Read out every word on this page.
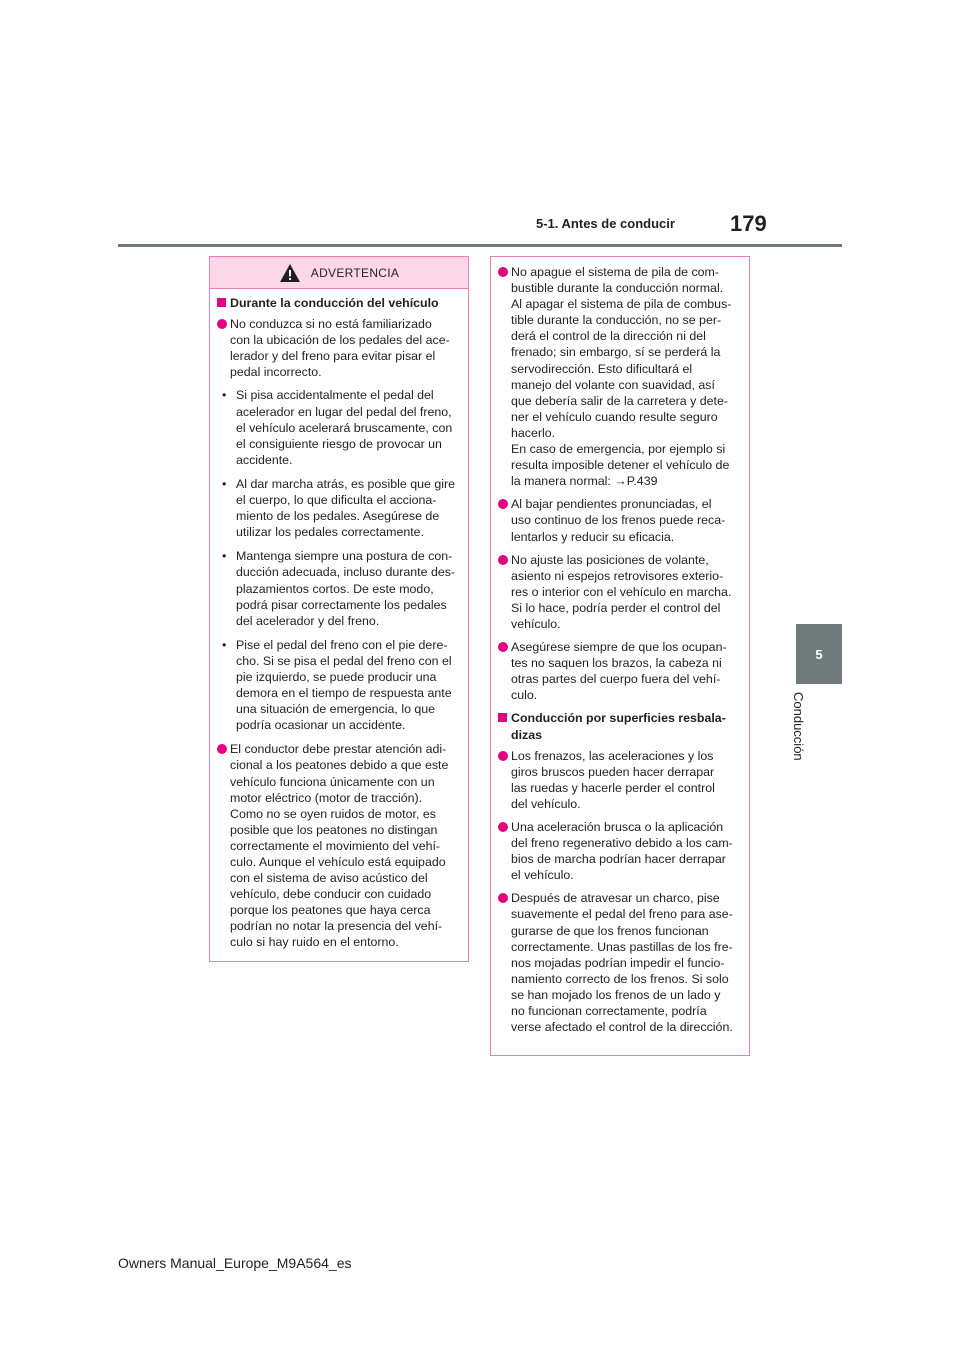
5-1. Antes de conducir	179
5
Conducción
ADVERTENCIA
Durante la conducción del vehículo
No conduzca si no está familiarizado
con la ubicación de los pedales del ace-
lerador y del freno para evitar pisar el
pedal incorrecto.
• Si pisa accidentalmente el pedal del
acelerador en lugar del pedal del freno,
el vehículo acelerará bruscamente, con
el consiguiente riesgo de provocar un
accidente.
• Al dar marcha atrás, es posible que gire
el cuerpo, lo que dificulta el acciona-
miento de los pedales. Asegúrese de
utilizar los pedales correctamente.
• Mantenga siempre una postura de con-
ducción adecuada, incluso durante des-
plazamientos cortos. De este modo,
podrá pisar correctamente los pedales
del acelerador y del freno.
• Pise el pedal del freno con el pie dere-
cho. Si se pisa el pedal del freno con el
pie izquierdo, se puede producir una
demora en el tiempo de respuesta ante
una situación de emergencia, lo que
podría ocasionar un accidente.
El conductor debe prestar atención adi-
cional a los peatones debido a que este
vehículo funciona únicamente con un
motor eléctrico (motor de tracción).
Como no se oyen ruidos de motor, es
posible que los peatones no distingan
correctamente el movimiento del vehí-
culo. Aunque el vehículo está equipado
con el sistema de aviso acústico del
vehículo, debe conducir con cuidado
porque los peatones que haya cerca
podrían no notar la presencia del vehí-
culo si hay ruido en el entorno.
No apague el sistema de pila de com-
bustible durante la conducción normal.
Al apagar el sistema de pila de combus-
tible durante la conducción, no se per-
derá el control de la dirección ni del
frenado; sin embargo, sí se perderá la
servodirección. Esto dificultará el
manejo del volante con suavidad, así
que debería salir de la carretera y dete-
ner el vehículo cuando resulte seguro
hacerlo.
En caso de emergencia, por ejemplo si
resulta imposible detener el vehículo de
la manera normal: →P.439
Al bajar pendientes pronunciadas, el
uso continuo de los frenos puede reca-
lentarlos y reducir su eficacia.
No ajuste las posiciones de volante,
asiento ni espejos retrovisores exterio-
res o interior con el vehículo en marcha.
Si lo hace, podría perder el control del
vehículo.
Asegúrese siempre de que los ocupan-
tes no saquen los brazos, la cabeza ni
otras partes del cuerpo fuera del vehí-
culo.
Conducción por superficies resbala-
dizas
Los frenazos, las aceleraciones y los
giros bruscos pueden hacer derrapar
las ruedas y hacerle perder el control
del vehículo.
Una aceleración brusca o la aplicación
del freno regenerativo debido a los cam-
bios de marcha podrían hacer derrapar
el vehículo.
Después de atravesar un charco, pise
suavemente el pedal del freno para ase-
gurarse de que los frenos funcionan
correctamente. Unas pastillas de los fre-
nos mojadas podrían impedir el funcio-
namiento correcto de los frenos. Si solo
se han mojado los frenos de un lado y
no funcionan correctamente, podría
verse afectado el control de la dirección.
Owners Manual_Europe_M9A564_es
